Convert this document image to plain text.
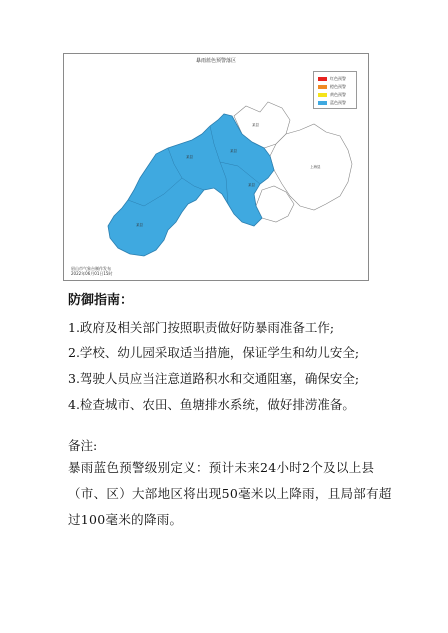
某县
某县
某县
某县
某县
上海县
暴雨蓝色预警落区
红色预警
橙色预警
黄色预警
蓝色预警
眉山市气象台制作发布
2022年06月01日15时
防御指南：
1.政府及相关部门按照职责做好防暴雨准备工作;
2.学校、幼儿园采取适当措施，保证学生和幼儿安全;
3.驾驶人员应当注意道路积水和交通阻塞，确保安全;
4.检查城市、农田、鱼塘排水系统，做好排涝准备。
备注:
暴雨蓝色预警级别定义：预计未来24小时2个及以上县（市、区）大部地区将出现50毫米以上降雨，且局部有超过100毫米的降雨。
